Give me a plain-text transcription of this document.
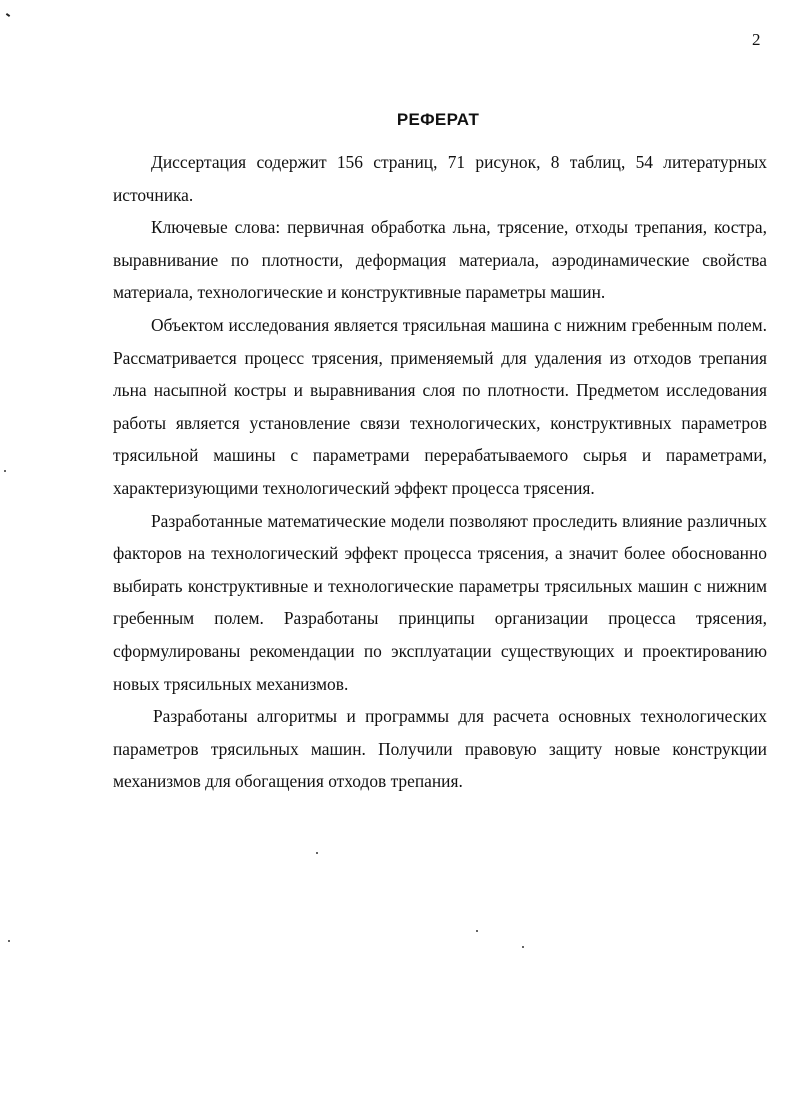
2
РЕФЕРАТ

Диссертация содержит 156 страниц, 71 рисунок, 8 таблиц, 54 литературных источника.

Ключевые слова: первичная обработка льна, трясение, отходы трепания, костра, выравнивание по плотности, деформация материала, аэродинамические свойства материала, технологические и конструктивные параметры машин.

Объектом исследования является трясильная машина с нижним гребенным полем. Рассматривается процесс трясения, применяемый для удаления из отходов трепания льна насыпной костры и выравнивания слоя по плотности. Предметом исследования работы является установление связи технологических, конструктивных параметров трясильной машины с параметрами перерабатываемого сырья и параметрами, характеризующими технологический эффект процесса трясения.

Разработанные математические модели позволяют проследить влияние различных факторов на технологический эффект процесса трясения, а значит более обоснованно выбирать конструктивные и технологические параметры трясильных машин с нижним гребенным полем. Разработаны принципы организации процесса трясения, сформулированы рекомендации по эксплуатации существующих и проектированию новых трясильных механизмов.

Разработаны алгоритмы и программы для расчета основных технологических параметров трясильных машин. Получили правовую защиту новые конструкции механизмов для обогащения отходов трепания.
